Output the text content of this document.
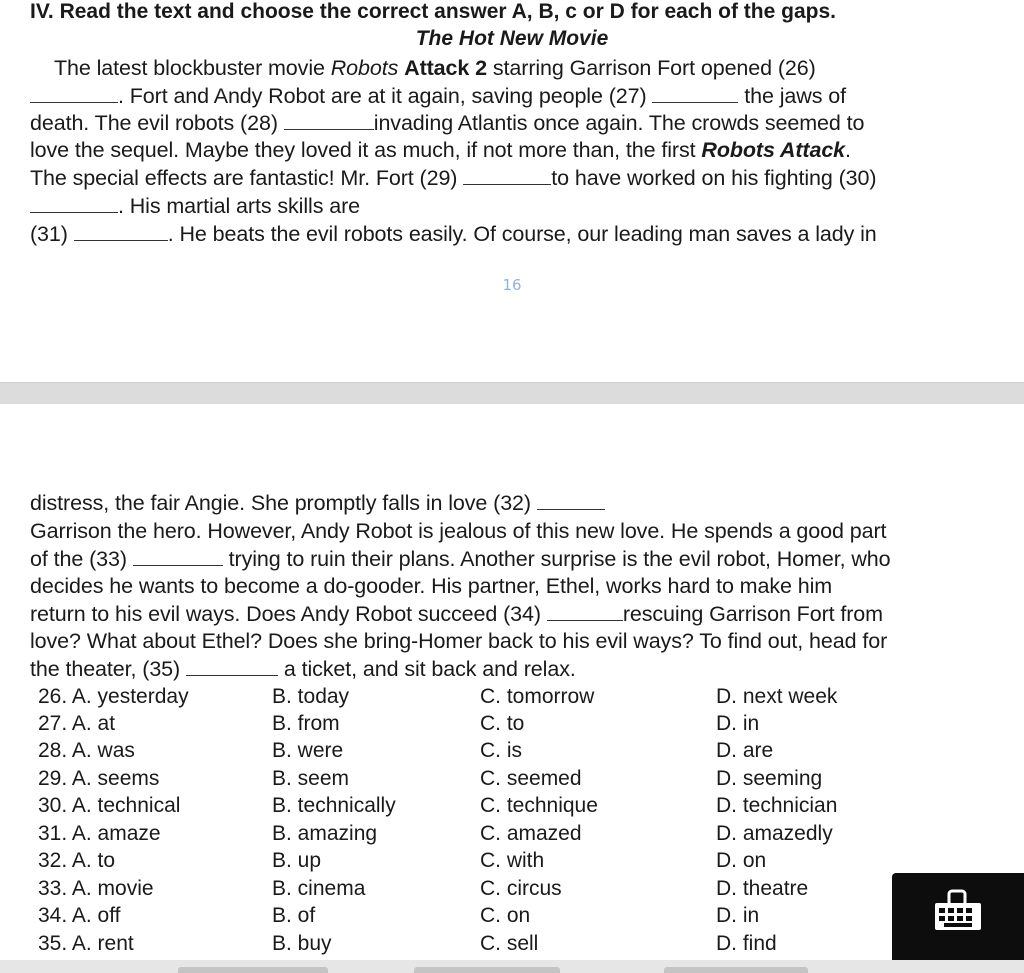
IV. Read the text and choose the correct answer A, B, c or D for each of the gaps.
The Hot New Movie
The latest blockbuster movie Robots Attack 2 starring Garrison Fort opened (26)
. Fort and Andy Robot are at it again, saving people (27)	the jaws of
death. The evil robots (28)	invading Atlantis once again. The crowds seemed to
love the sequel. Maybe they loved it as much, if not more than, the first Robots Attack.
The special effects are fantastic! Mr. Fort (29)	to have worked on his fighting (30)
. His martial arts skills are
(31)	. He beats the evil robots easily. Of course, our leading man saves a lady in
16
distress, the fair Angie. She promptly falls in love (32)
Garrison the hero. However, Andy Robot is jealous of this new love. He spends a good part
of the (33)	trying to ruin their plans. Another surprise is the evil robot, Homer, who
decides he wants to become a do-gooder. His partner, Ethel, works hard to make him
return to his evil ways. Does Andy Robot succeed (34)	rescuing Garrison Fort from
love? What about Ethel? Does she bring-Homer back to his evil ways? To find out, head for
the theater, (35)	a ticket, and sit back and relax.
26. A. yesterday	B. today	C. tomorrow	D. next week
27. A. at	B. from	C. to	D. in
28. A. was	B. were	C. is	D. are
29. A. seems	B. seem	C. seemed	D. seeming
30. A. technical	B. technically	C. technique	D. technician
31. A. amaze	B. amazing	C. amazed	D. amazedly
32. A. to	B. up	C. with	D. on
33. A. movie	B. cinema	C. circus	D. theatre
34. A. off	B. of	C. on	D. in
35. A. rent	B. buy	C. sell	D. find
